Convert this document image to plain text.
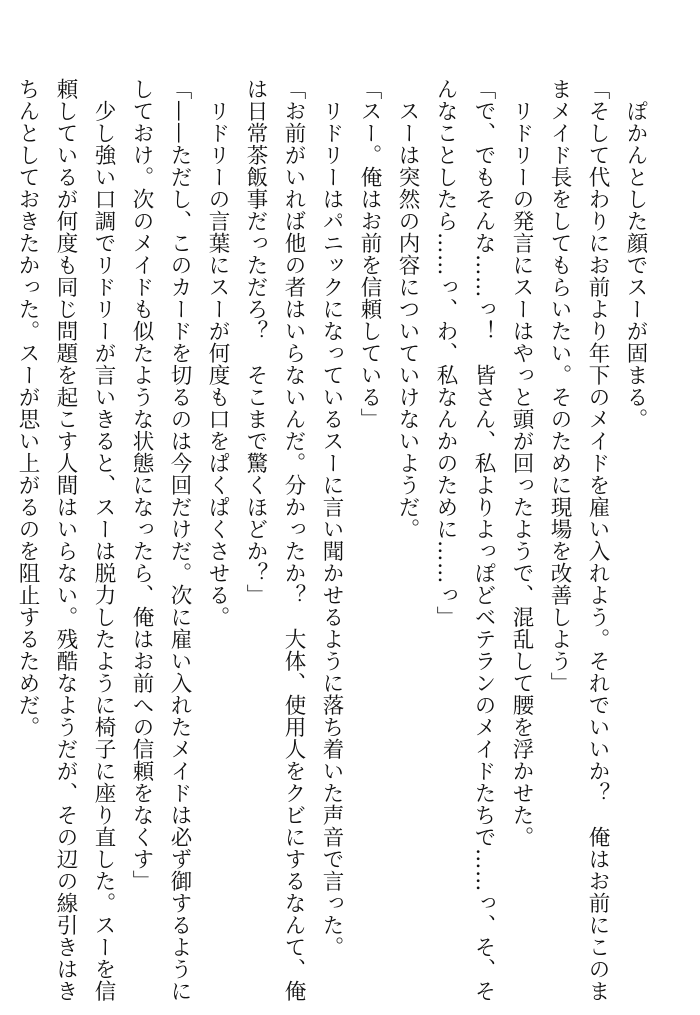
　ぽかんとした顔でスーが固まる。
「そして代わりにお前より年下のメイドを雇い入れよう。それでいいか？　俺はお前にこのま
まメイド長をしてもらいたい。そのために現場を改善しよう」
　リドリーの発言にスーはやっと頭が回ったようで、混乱して腰を浮かせた。
「で、でもそんな……っ！　皆さん、私よりよっぽどベテランのメイドたちで……っ、そ、そ
んなことしたら……っ、わ、私なんかのために……っ」
　スーは突然の内容についていけないようだ。
「スー。俺はお前を信頼している」
　リドリーはパニックになっているスーに言い聞かせるように落ち着いた声音で言った。
「お前がいれば他の者はいらないんだ。分かったか？　大体、使用人をクビにするなんて、俺
は日常茶飯事だっただろ？　そこまで驚くほどか？」
　リドリーの言葉にスーが何度も口をぱくぱくさせる。
「——ただし、このカードを切るのは今回だけだ。次に雇い入れたメイドは必ず御するように
しておけ。次のメイドも似たような状態になったら、俺はお前への信頼をなくす」
　少し強い口調でリドリーが言いきると、スーは脱力したように椅子に座り直した。スーを信
頼しているが何度も同じ問題を起こす人間はいらない。残酷なようだが、その辺の線引きはき
ちんとしておきたかった。スーが思い上がるのを阻止するためだ。
